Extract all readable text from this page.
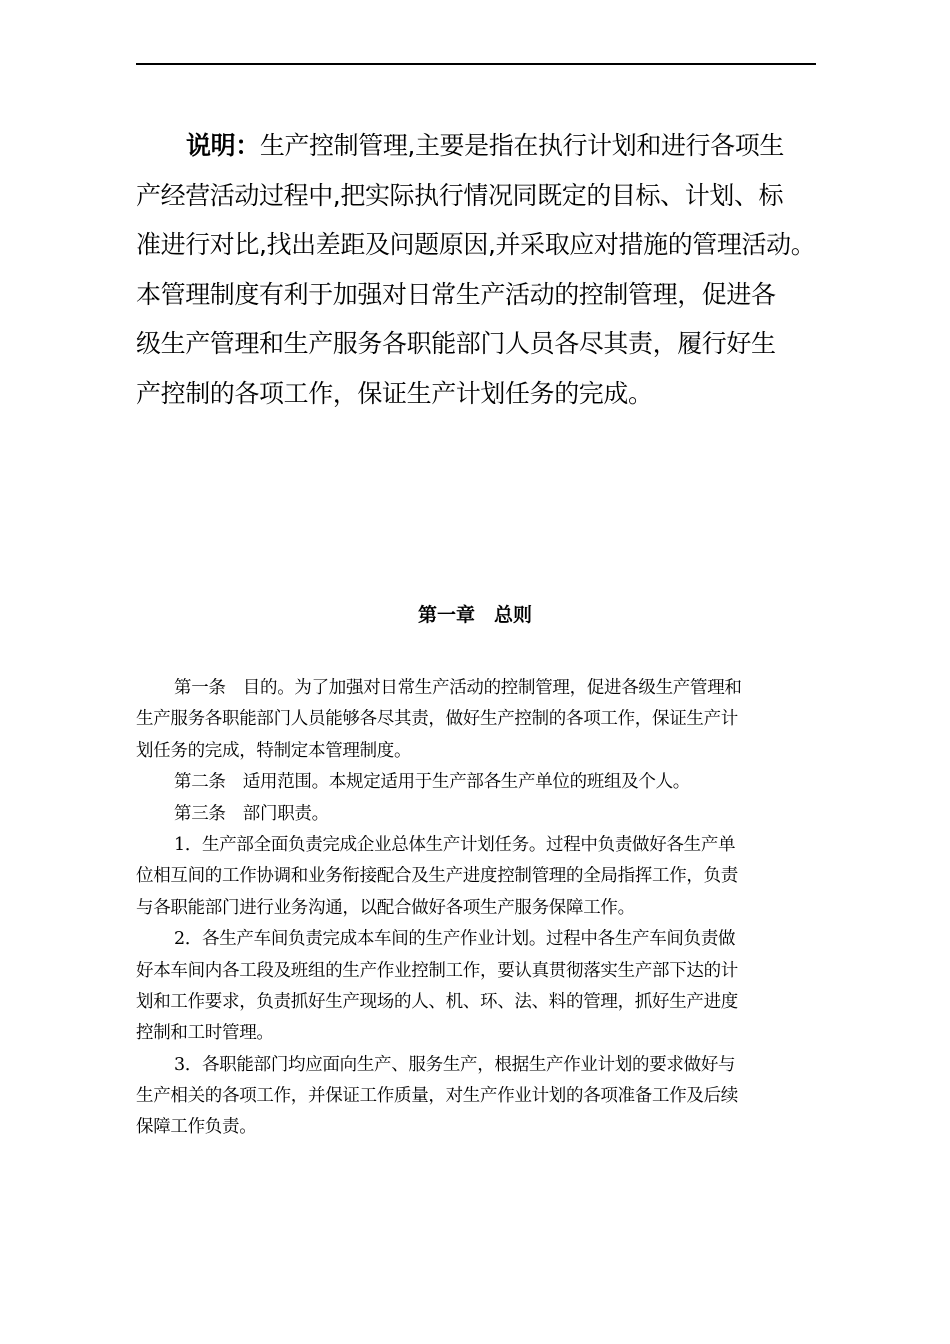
说明：生产控制管理,主要是指在执行计划和进行各项生
产经营活动过程中,把实际执行情况同既定的目标、计划、标
准进行对比,找出差距及问题原因,并采取应对措施的管理活动。
本管理制度有利于加强对日常生产活动的控制管理，促进各
级生产管理和生产服务各职能部门人员各尽其责，履行好生
产控制的各项工作，保证生产计划任务的完成。
第一章　总则
第一条　目的。为了加强对日常生产活动的控制管理，促进各级生产管理和
生产服务各职能部门人员能够各尽其责，做好生产控制的各项工作，保证生产计
划任务的完成，特制定本管理制度。
第二条　适用范围。本规定适用于生产部各生产单位的班组及个人。
第三条　部门职责。
1．生产部全面负责完成企业总体生产计划任务。过程中负责做好各生产单
位相互间的工作协调和业务衔接配合及生产进度控制管理的全局指挥工作，负责
与各职能部门进行业务沟通，以配合做好各项生产服务保障工作。
2．各生产车间负责完成本车间的生产作业计划。过程中各生产车间负责做
好本车间内各工段及班组的生产作业控制工作，要认真贯彻落实生产部下达的计
划和工作要求，负责抓好生产现场的人、机、环、法、料的管理，抓好生产进度
控制和工时管理。
3．各职能部门均应面向生产、服务生产，根据生产作业计划的要求做好与
生产相关的各项工作，并保证工作质量，对生产作业计划的各项准备工作及后续
保障工作负责。
